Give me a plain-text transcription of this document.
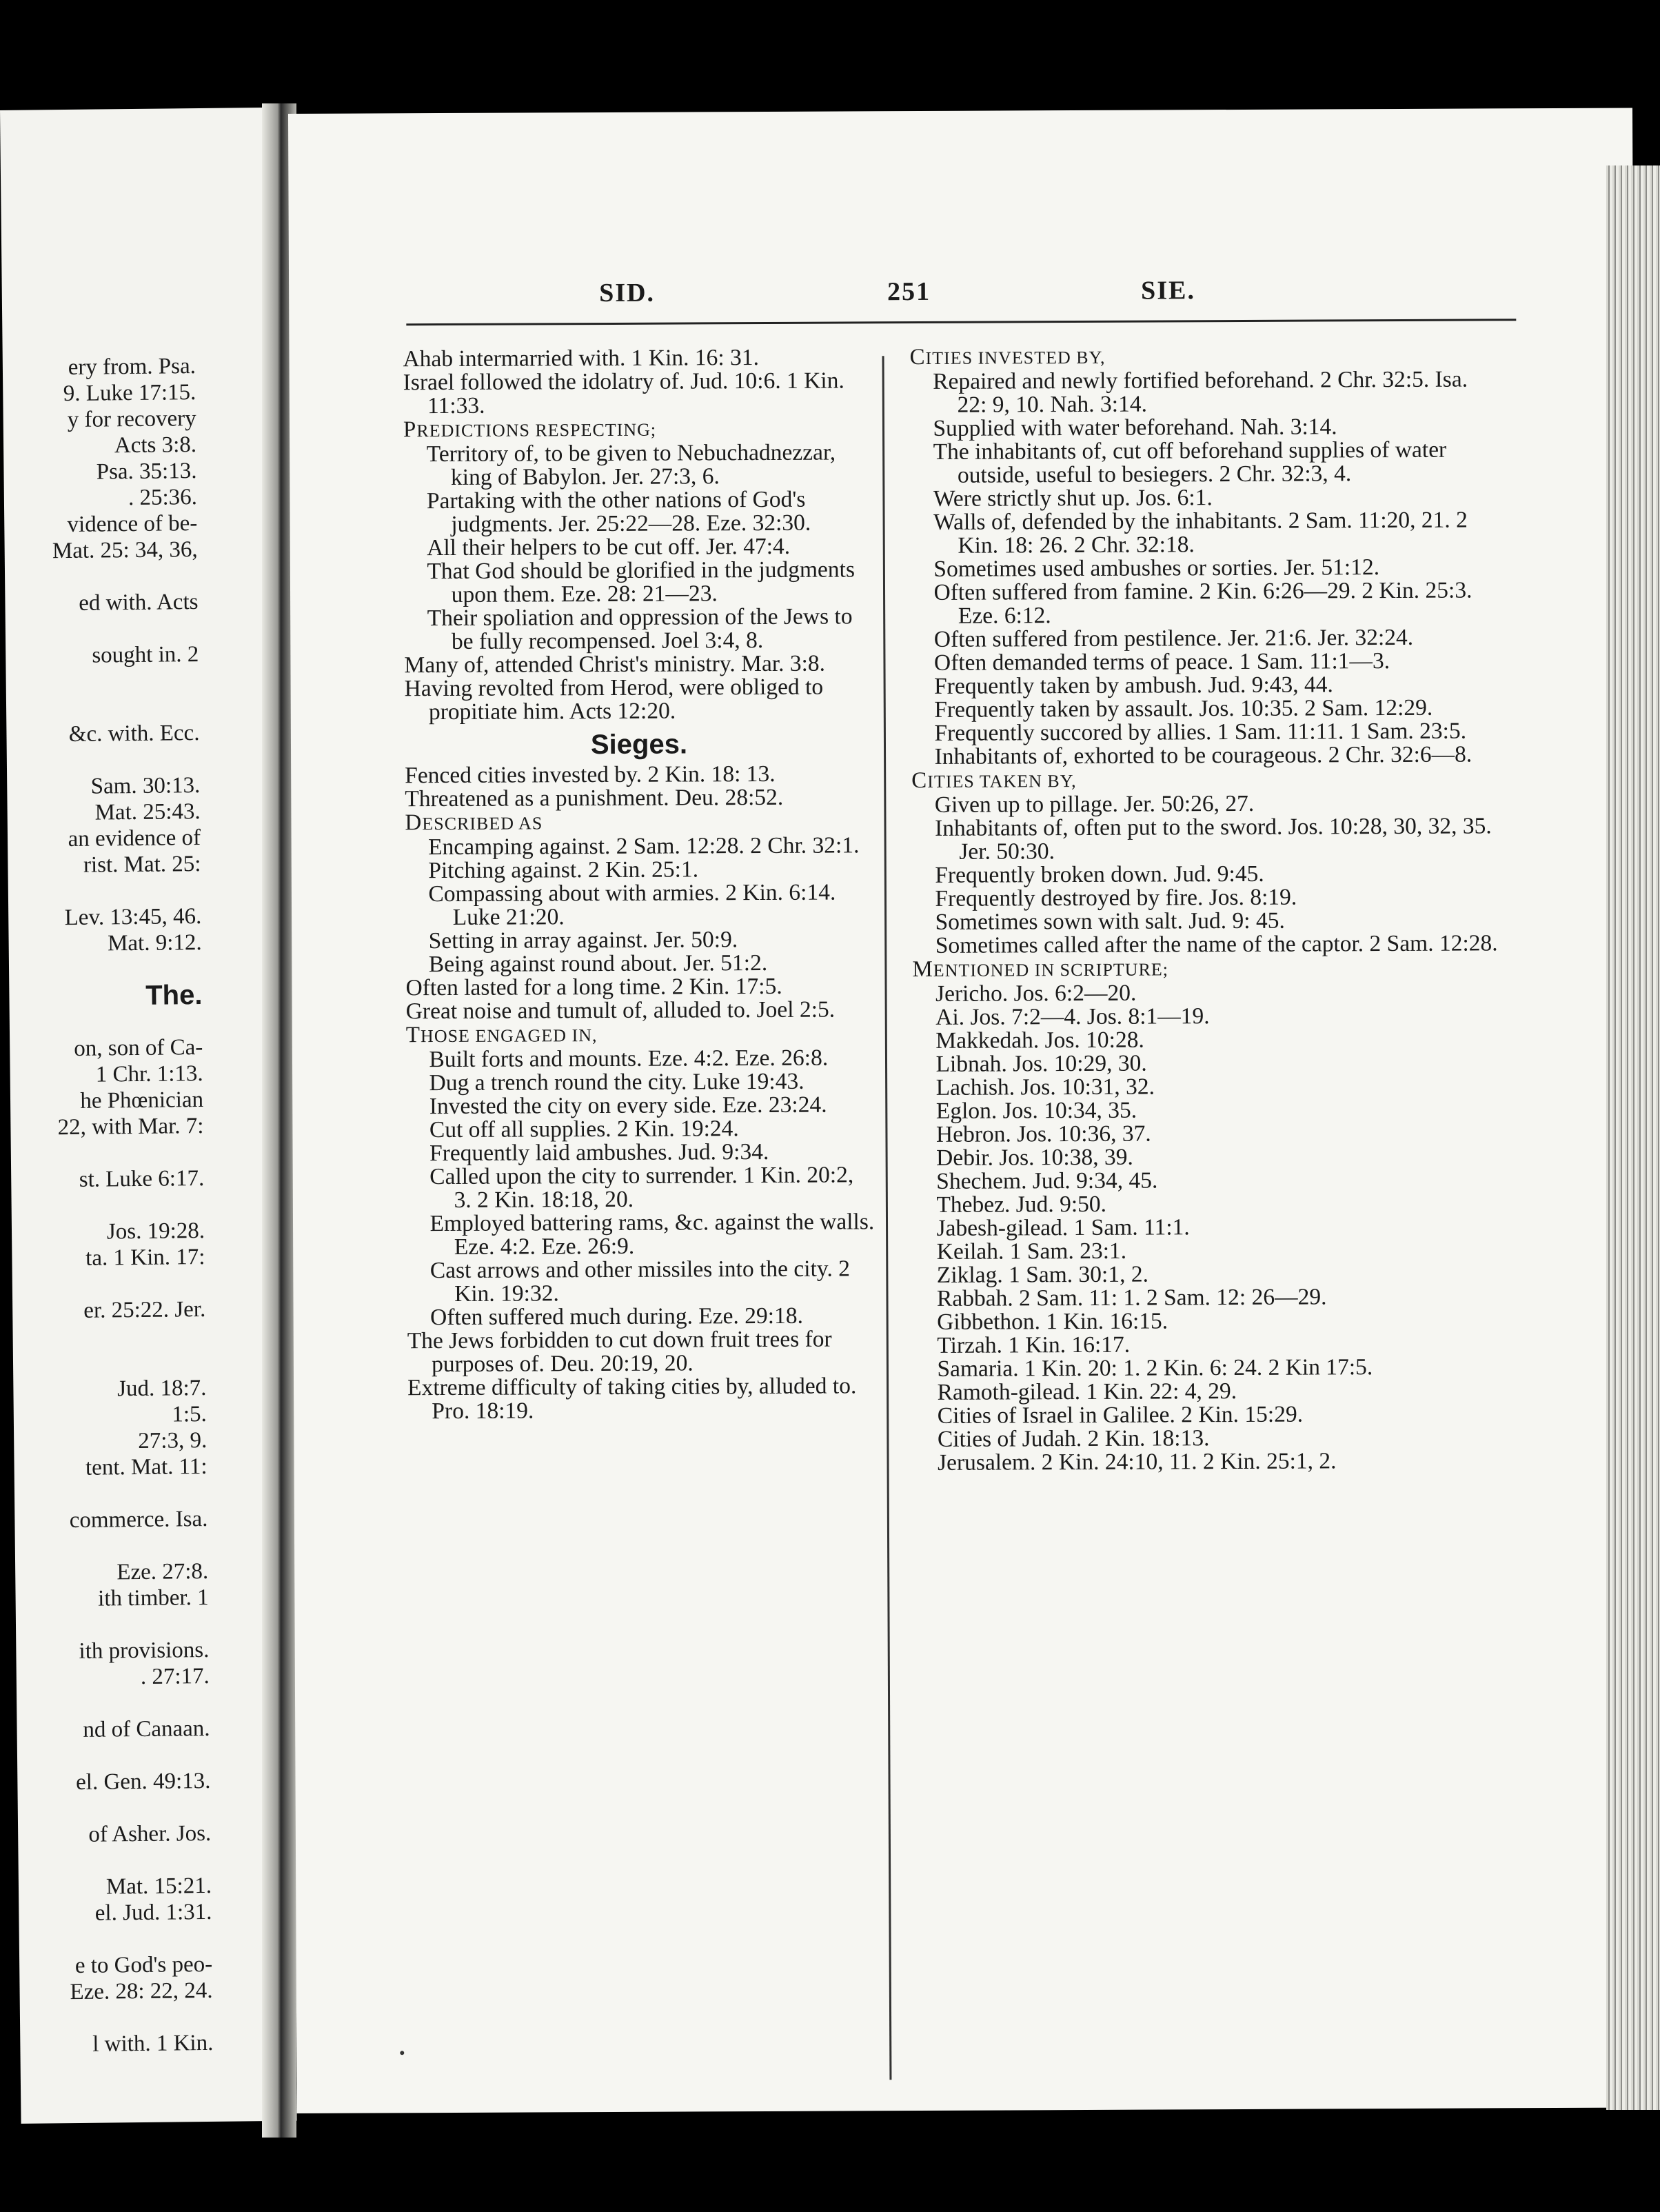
ery from. Psa.
9. Luke 17:15.
y for recovery
Acts 3:8.
Psa. 35:13.
. 25:36.
vidence of be-
Mat. 25: 34, 36,

ed with. Acts

sought in. 2

&c. with. Ecc.

Sam. 30:13.
Mat. 25:43.
an evidence of
rist. Mat. 25:

Lev. 13:45, 46.
Mat. 9:12.

The.

on, son of Ca-
1 Chr. 1:13.
he Phœnician
22, with Mar. 7:

st. Luke 6:17.

Jos. 19:28.
ta. 1 Kin. 17:

er. 25:22. Jer.

Jud. 18:7.
1:5.
27:3, 9.
tent. Mat. 11:

commerce. Isa.

Eze. 27:8.
ith timber. 1

ith provisions.
. 27:17.

nd of Canaan.

el. Gen. 49:13.

of Asher. Jos.

Mat. 15:21.
el. Jud. 1:31.

e to God's peo-
Eze. 28: 22, 24.

l with. 1 Kin.
SID.	251	SIE.

Ahab intermarried with. 1 Kin. 16: 31.

Israel followed the idolatry of. Jud. 10:6. 1 Kin. 11:33.

PREDICTIONS RESPECTING;

Territory of, to be given to Nebuchadnezzar, king of Babylon. Jer. 27:3, 6.

Partaking with the other nations of God's judgments. Jer. 25:22—28. Eze. 32:30.

All their helpers to be cut off. Jer. 47:4.

That God should be glorified in the judgments upon them. Eze. 28: 21—23.

Their spoliation and oppression of the Jews to be fully recompensed. Joel 3:4, 8.

Many of, attended Christ's ministry. Mar. 3:8.

Having revolted from Herod, were obliged to propitiate him. Acts 12:20.

Sieges.

Fenced cities invested by. 2 Kin. 18: 13.

Threatened as a punishment. Deu. 28:52.

DESCRIBED AS

Encamping against. 2 Sam. 12:28. 2 Chr. 32:1.

Pitching against. 2 Kin. 25:1.

Compassing about with armies. 2 Kin. 6:14. Luke 21:20.

Setting in array against. Jer. 50:9.

Being against round about. Jer. 51:2.

Often lasted for a long time. 2 Kin. 17:5.

Great noise and tumult of, alluded to. Joel 2:5.

THOSE ENGAGED IN,

Built forts and mounts. Eze. 4:2. Eze. 26:8.

Dug a trench round the city. Luke 19:43.

Invested the city on every side. Eze. 23:24.

Cut off all supplies. 2 Kin. 19:24.

Frequently laid ambushes. Jud. 9:34.

Called upon the city to surrender. 1 Kin. 20:2, 3. 2 Kin. 18:18, 20.

Employed battering rams, &c. against the walls. Eze. 4:2. Eze. 26:9.

Cast arrows and other missiles into the city. 2 Kin. 19:32.

Often suffered much during. Eze. 29:18.

The Jews forbidden to cut down fruit trees for purposes of. Deu. 20:19, 20.

Extreme difficulty of taking cities by, alluded to. Pro. 18:19.

CITIES INVESTED BY,

Repaired and newly fortified beforehand. 2 Chr. 32:5. Isa. 22: 9, 10. Nah. 3:14.

Supplied with water beforehand. Nah. 3:14.

The inhabitants of, cut off beforehand supplies of water outside, useful to besiegers. 2 Chr. 32:3, 4.

Were strictly shut up. Jos. 6:1.

Walls of, defended by the inhabitants. 2 Sam. 11:20, 21. 2 Kin. 18: 26. 2 Chr. 32:18.

Sometimes used ambushes or sorties. Jer. 51:12.

Often suffered from famine. 2 Kin. 6:26—29. 2 Kin. 25:3. Eze. 6:12.

Often suffered from pestilence. Jer. 21:6. Jer. 32:24.

Often demanded terms of peace. 1 Sam. 11:1—3.

Frequently taken by ambush. Jud. 9:43, 44.

Frequently taken by assault. Jos. 10:35. 2 Sam. 12:29.

Frequently succored by allies. 1 Sam. 11:11. 1 Sam. 23:5.

Inhabitants of, exhorted to be courageous. 2 Chr. 32:6—8.

CITIES TAKEN BY,

Given up to pillage. Jer. 50:26, 27.

Inhabitants of, often put to the sword. Jos. 10:28, 30, 32, 35. Jer. 50:30.

Frequently broken down. Jud. 9:45.

Frequently destroyed by fire. Jos. 8:19.

Sometimes sown with salt. Jud. 9: 45.

Sometimes called after the name of the captor. 2 Sam. 12:28.

MENTIONED IN SCRIPTURE;

Jericho. Jos. 6:2—20.

Ai. Jos. 7:2—4. Jos. 8:1—19.

Makkedah. Jos. 10:28.

Libnah. Jos. 10:29, 30.

Lachish. Jos. 10:31, 32.

Eglon. Jos. 10:34, 35.

Hebron. Jos. 10:36, 37.

Debir. Jos. 10:38, 39.

Shechem. Jud. 9:34, 45.

Thebez. Jud. 9:50.

Jabesh-gilead. 1 Sam. 11:1.

Keilah. 1 Sam. 23:1.

Ziklag. 1 Sam. 30:1, 2.

Rabbah. 2 Sam. 11: 1. 2 Sam. 12: 26—29.

Gibbethon. 1 Kin. 16:15.

Tirzah. 1 Kin. 16:17.

Samaria. 1 Kin. 20: 1. 2 Kin. 6: 24. 2 Kin 17:5.

Ramoth-gilead. 1 Kin. 22: 4, 29.

Cities of Israel in Galilee. 2 Kin. 15:29.

Cities of Judah. 2 Kin. 18:13.

Jerusalem. 2 Kin. 24:10, 11. 2 Kin. 25:1, 2.
